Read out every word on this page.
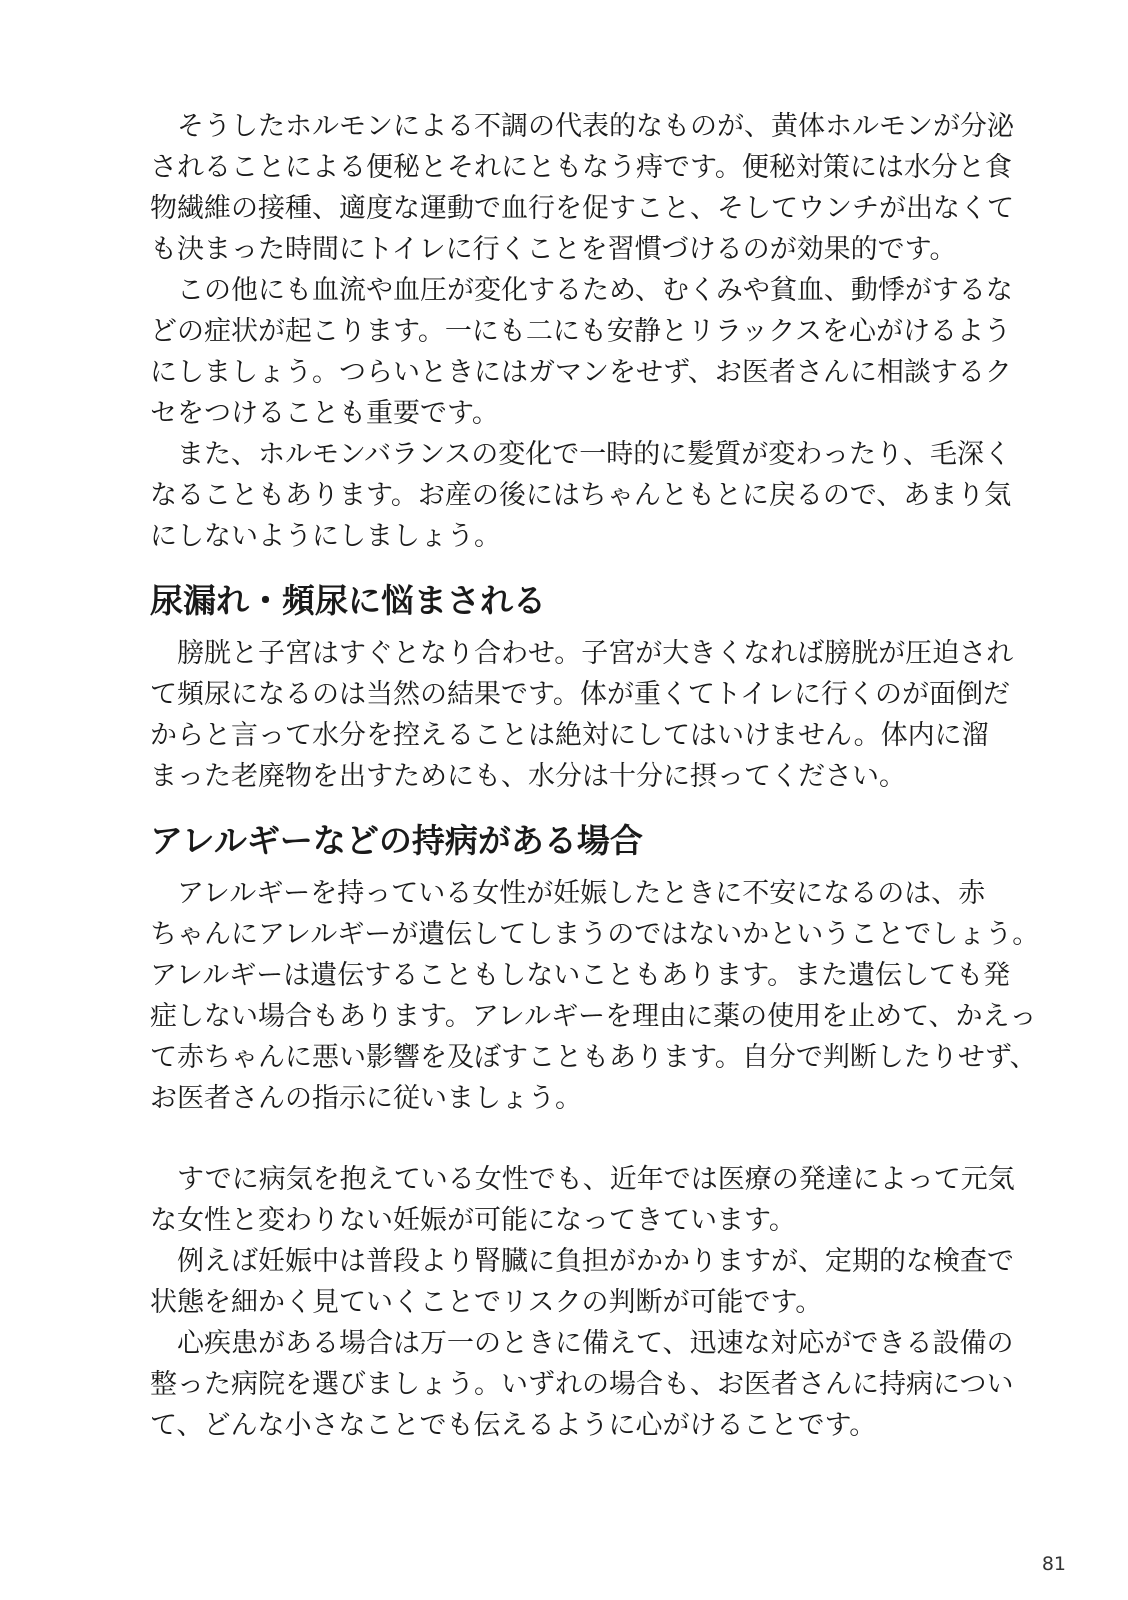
そうしたホルモンによる不調の代表的なものが、黄体ホルモンが分泌
されることによる便秘とそれにともなう痔です。便秘対策には水分と食
物繊維の接種、適度な運動で血行を促すこと、そしてウンチが出なくて
も決まった時間にトイレに行くことを習慣づけるのが効果的です。
この他にも血流や血圧が変化するため、むくみや貧血、動悸がするな
どの症状が起こります。一にも二にも安静とリラックスを心がけるよう
にしましょう。つらいときにはガマンをせず、お医者さんに相談するク
セをつけることも重要です。
また、ホルモンバランスの変化で一時的に髪質が変わったり、毛深く
なることもあります。お産の後にはちゃんともとに戻るので、あまり気
にしないようにしましょう。
尿漏れ・頻尿に悩まされる
膀胱と子宮はすぐとなり合わせ。子宮が大きくなれば膀胱が圧迫され
て頻尿になるのは当然の結果です。体が重くてトイレに行くのが面倒だ
からと言って水分を控えることは絶対にしてはいけません。体内に溜
まった老廃物を出すためにも、水分は十分に摂ってください。
アレルギーなどの持病がある場合
アレルギーを持っている女性が妊娠したときに不安になるのは、赤
ちゃんにアレルギーが遺伝してしまうのではないかということでしょう。
アレルギーは遺伝することもしないこともあります。また遺伝しても発
症しない場合もあります。アレルギーを理由に薬の使用を止めて、かえっ
て赤ちゃんに悪い影響を及ぼすこともあります。自分で判断したりせず、
お医者さんの指示に従いましょう。
すでに病気を抱えている女性でも、近年では医療の発達によって元気
な女性と変わりない妊娠が可能になってきています。
例えば妊娠中は普段より腎臓に負担がかかりますが、定期的な検査で
状態を細かく見ていくことでリスクの判断が可能です。
心疾患がある場合は万一のときに備えて、迅速な対応ができる設備の
整った病院を選びましょう。いずれの場合も、お医者さんに持病につい
て、どんな小さなことでも伝えるように心がけることです。
81
